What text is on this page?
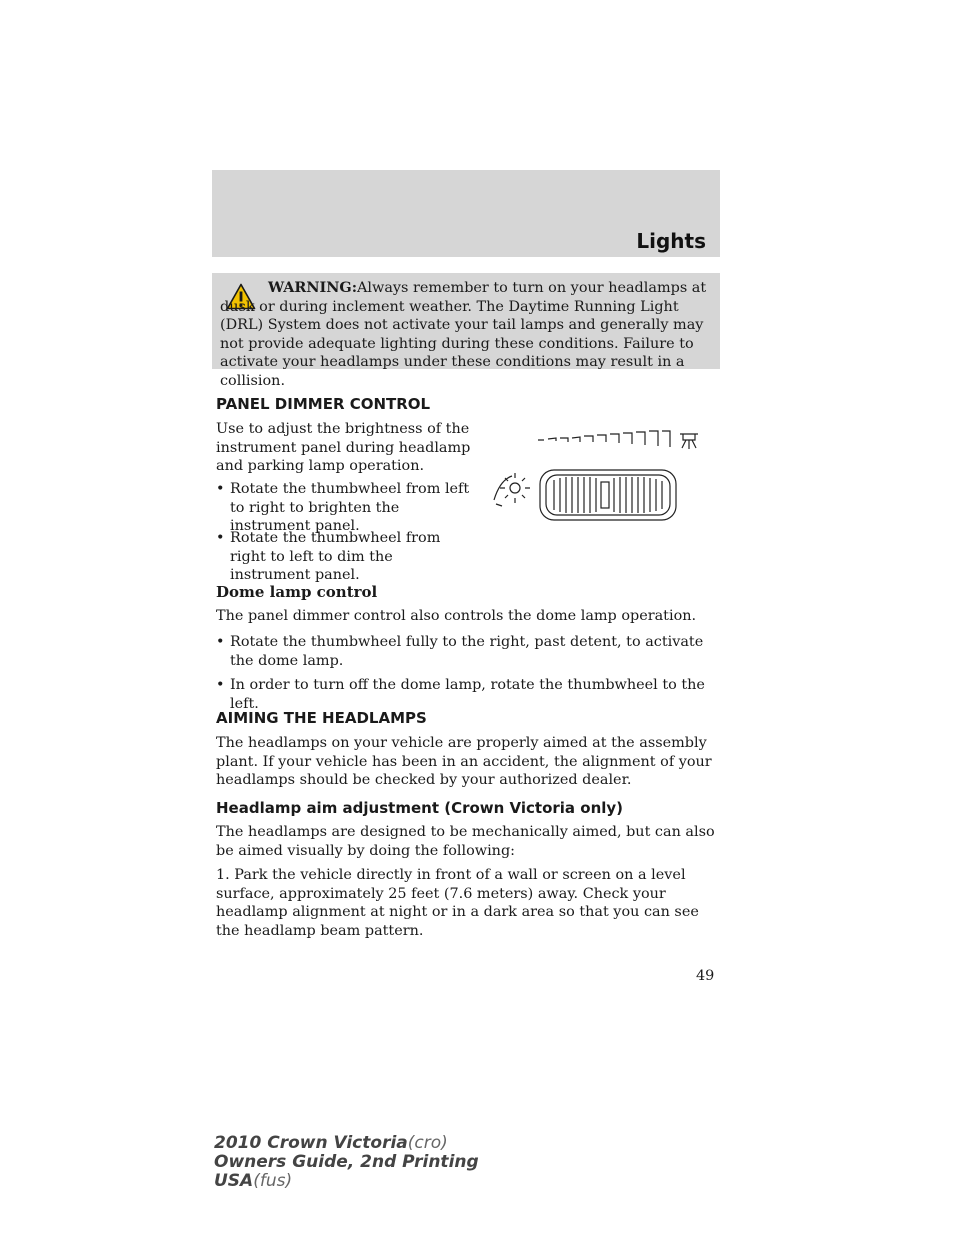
Lights
WARNING:Always remember to turn on your headlamps at dusk or during inclement weather. The Daytime Running Light (DRL) System does not activate your tail lamps and generally may not provide adequate lighting during these conditions. Failure to activate your headlamps under these conditions may result in a collision.
PANEL DIMMER CONTROL

Use to adjust the brightness of the instrument panel during headlamp and parking lamp operation.

• Rotate the thumbwheel from left to right to brighten the instrument panel.
• Rotate the thumbwheel from right to left to dim the instrument panel.
Dome lamp control

The panel dimmer control also controls the dome lamp operation.

• Rotate the thumbwheel fully to the right, past detent, to activate the dome lamp.
• In order to turn off the dome lamp, rotate the thumbwheel to the left.
AIMING THE HEADLAMPS

The headlamps on your vehicle are properly aimed at the assembly plant. If your vehicle has been in an accident, the alignment of your headlamps should be checked by your authorized dealer.

Headlamp aim adjustment (Crown Victoria only)

The headlamps are designed to be mechanically aimed, but can also be aimed visually by doing the following:

1. Park the vehicle directly in front of a wall or screen on a level surface, approximately 25 feet (7.6 meters) away. Check your headlamp alignment at night or in a dark area so that you can see the headlamp beam pattern.

49
2010 Crown Victoria(cro)
Owners Guide, 2nd Printing
USA(fus)
